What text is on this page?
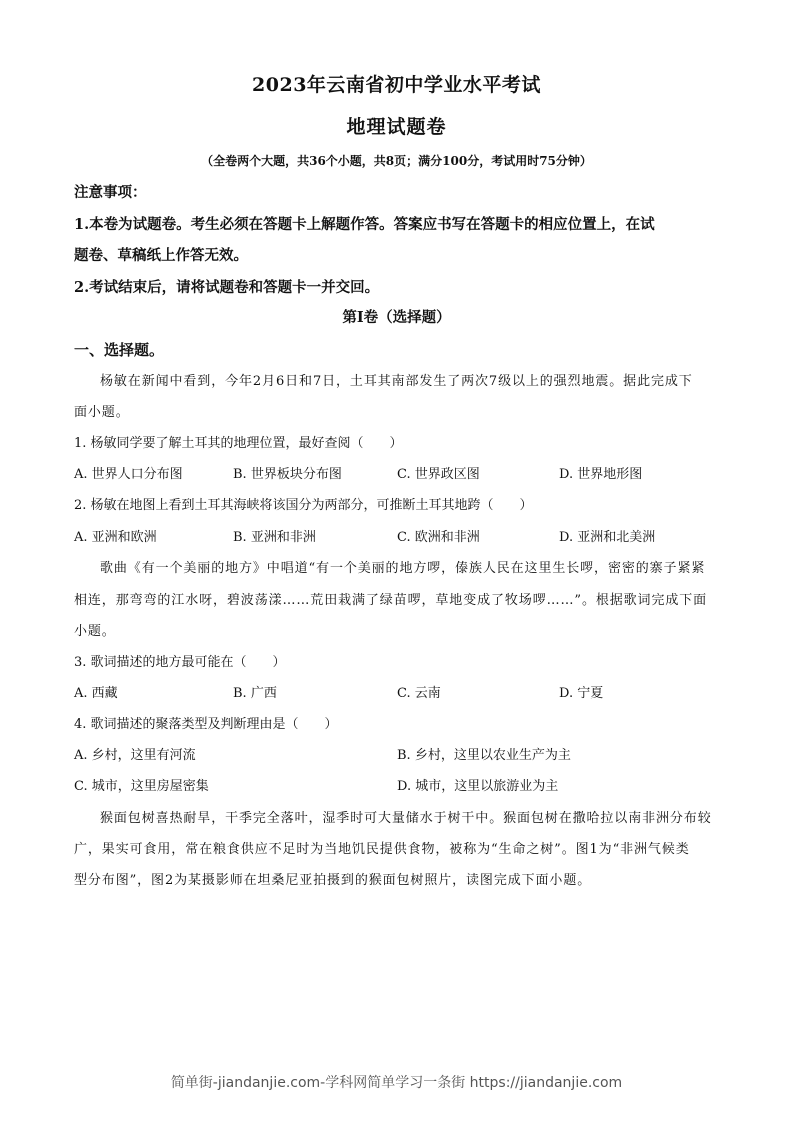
2023年云南省初中学业水平考试
地理试题卷
（全卷两个大题，共36个小题，共8页；满分100分，考试用时75分钟）
注意事项：
1.本卷为试题卷。考生必须在答题卡上解题作答。答案应书写在答题卡的相应位置上，在试
题卷、草稿纸上作答无效。
2.考试结束后，请将试题卷和答题卡一并交回。
第Ⅰ卷（选择题）
一、选择题。
杨敏在新闻中看到，今年2月6日和7日，土耳其南部发生了两次7级以上的强烈地震。据此完成下
面小题。
1. 杨敏同学要了解土耳其的地理位置，最好查阅（　　）
A. 世界人口分布图	B. 世界板块分布图	C. 世界政区图	D. 世界地形图
2. 杨敏在地图上看到土耳其海峡将该国分为两部分，可推断土耳其地跨（　　）
A. 亚洲和欧洲	B. 亚洲和非洲	C. 欧洲和非洲	D. 亚洲和北美洲
歌曲《有一个美丽的地方》中唱道“有一个美丽的地方啰，傣族人民在这里生长啰，密密的寨子紧紧
相连，那弯弯的江水呀，碧波荡漾……荒田栽满了绿苗啰，草地变成了牧场啰……”。根据歌词完成下面
小题。
3. 歌词描述的地方最可能在（　　）
A. 西藏	B. 广西	C. 云南	D. 宁夏
4. 歌词描述的聚落类型及判断理由是（　　）
A. 乡村，这里有河流	B. 乡村，这里以农业生产为主
C. 城市，这里房屋密集	D. 城市，这里以旅游业为主
猴面包树喜热耐旱，干季完全落叶，湿季时可大量储水于树干中。猴面包树在撒哈拉以南非洲分布较
广，果实可食用，常在粮食供应不足时为当地饥民提供食物，被称为“生命之树”。图1为“非洲气候类
型分布图”，图2为某摄影师在坦桑尼亚拍摄到的猴面包树照片，读图完成下面小题。
简单街-jiandanjie.com-学科网简单学习一条街 https://jiandanjie.com
